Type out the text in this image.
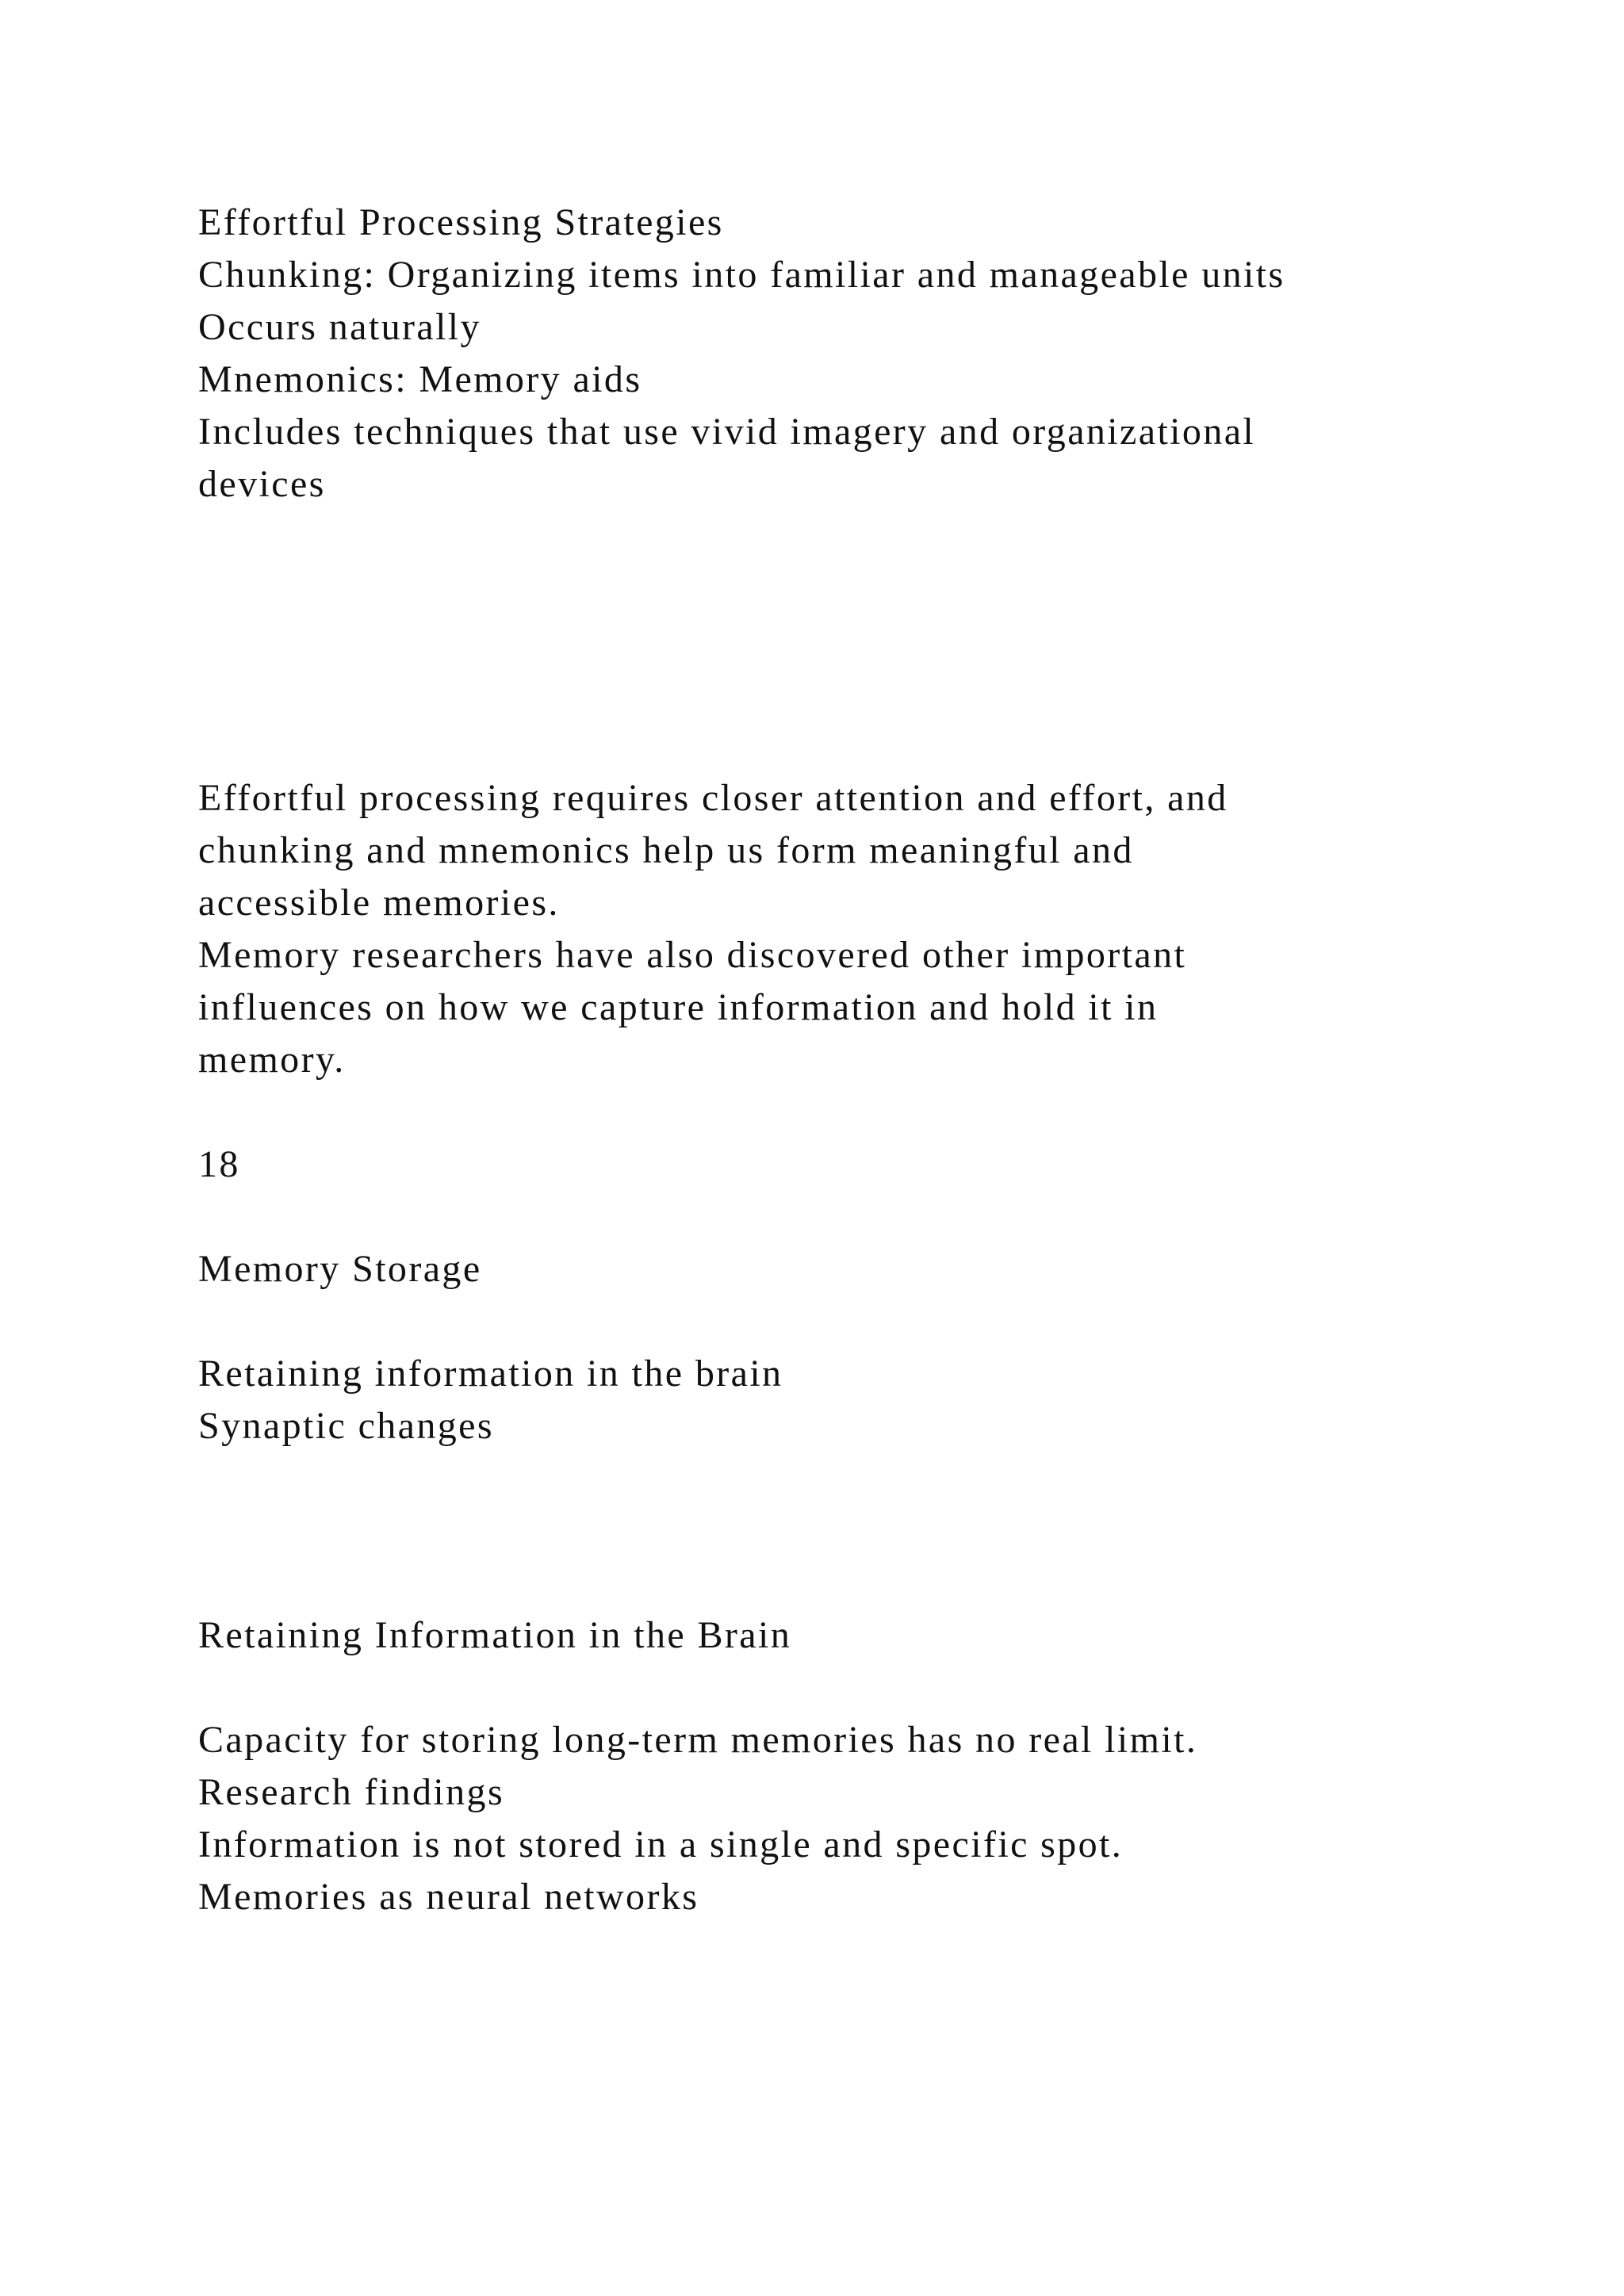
Effortful Processing Strategies

Chunking: Organizing items into familiar and manageable units

Occurs naturally

Mnemonics: Memory aids

Includes techniques that use vivid imagery and organizational

devices

Effortful processing requires closer attention and effort, and

chunking and mnemonics help us form meaningful and

accessible memories.

Memory researchers have also discovered other important

influences on how we capture information and hold it in

memory.

18

Memory Storage

Retaining information in the brain

Synaptic changes

Retaining Information in the Brain

Capacity for storing long-term memories has no real limit.

Research findings

Information is not stored in a single and specific spot.

Memories as neural networks
